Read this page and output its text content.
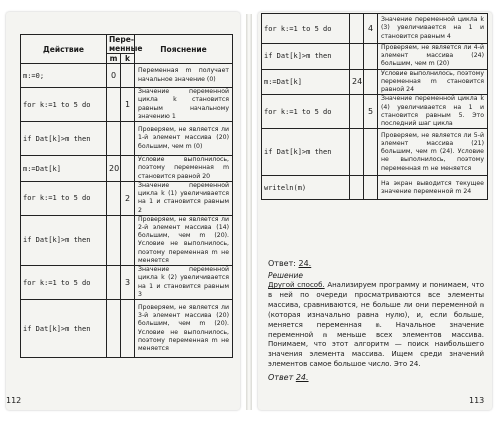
Действие	Пере-менные		Пояснение
	m	k	
m:=0;	0		Переменная m получает начальное значение (0)
for k:=1 to 5 do		1	Значение переменной цикла k становится равным начальному значению 1
if Dat[k]>m then			Проверяем, не является ли 1-й элемент массива (20) большим, чем m (0)
m:=Dat[k]	20		Условие выполнилось, поэтому переменная m становится равной 20
for k:=1 to 5 do		2	Значение переменной цикла k (1) увеличивается на 1 и становится равным 2
if Dat[k]>m then			Проверяем, не является ли 2-й элемент массива (14) большим, чем m (20). Условие не выполнилось, поэтому переменная m не меняется
for k:=1 to 5 do		3	Значение переменной цикла k (2) увеличивается на 1 и становится равным 3
if Dat[k]>m then			Проверяем, не является ли 3-й элемент массива (20) большим, чем m (20). Условие не выполнилось, поэтому переменная m не меняется
112
for k:=1 to 5 do		4	Значение переменной цикла k (3) увеличивается на 1 и становится равным 4
if Dat[k]>m then			Проверяем, не является ли 4-й элемент массива (24) большим, чем m (20)
m:=Dat[k]	24		Условие выполнилось, поэтому переменная m становится равной 24
for k:=1 to 5 do		5	Значение переменной цикла k (4) увеличивается на 1 и становится равным 5. Это последний шаг цикла
if Dat[k]>m then			Проверяем, не является ли 5-й элемент массива (21) большим, чем m (24). Условие не выполнилось, поэтому переменная m не меняется
writeln(m)			На экран выводится текущее значение переменной m 24
Ответ: 24.
Решение
Другой способ. Анализируем программу и понимаем, что в ней по очереди просматриваются все элементы массива, сравниваются, не больше ли они переменной m (которая изначально равна нулю), и, если больше, меняется переменная m. Начальное значение переменной m меньше всех элементов массива. Понимаем, что этот алгоритм — поиск наибольшего значения элемента массива. Ищем среди значений элементов самое большое число. Это 24.
Ответ 24.
113
